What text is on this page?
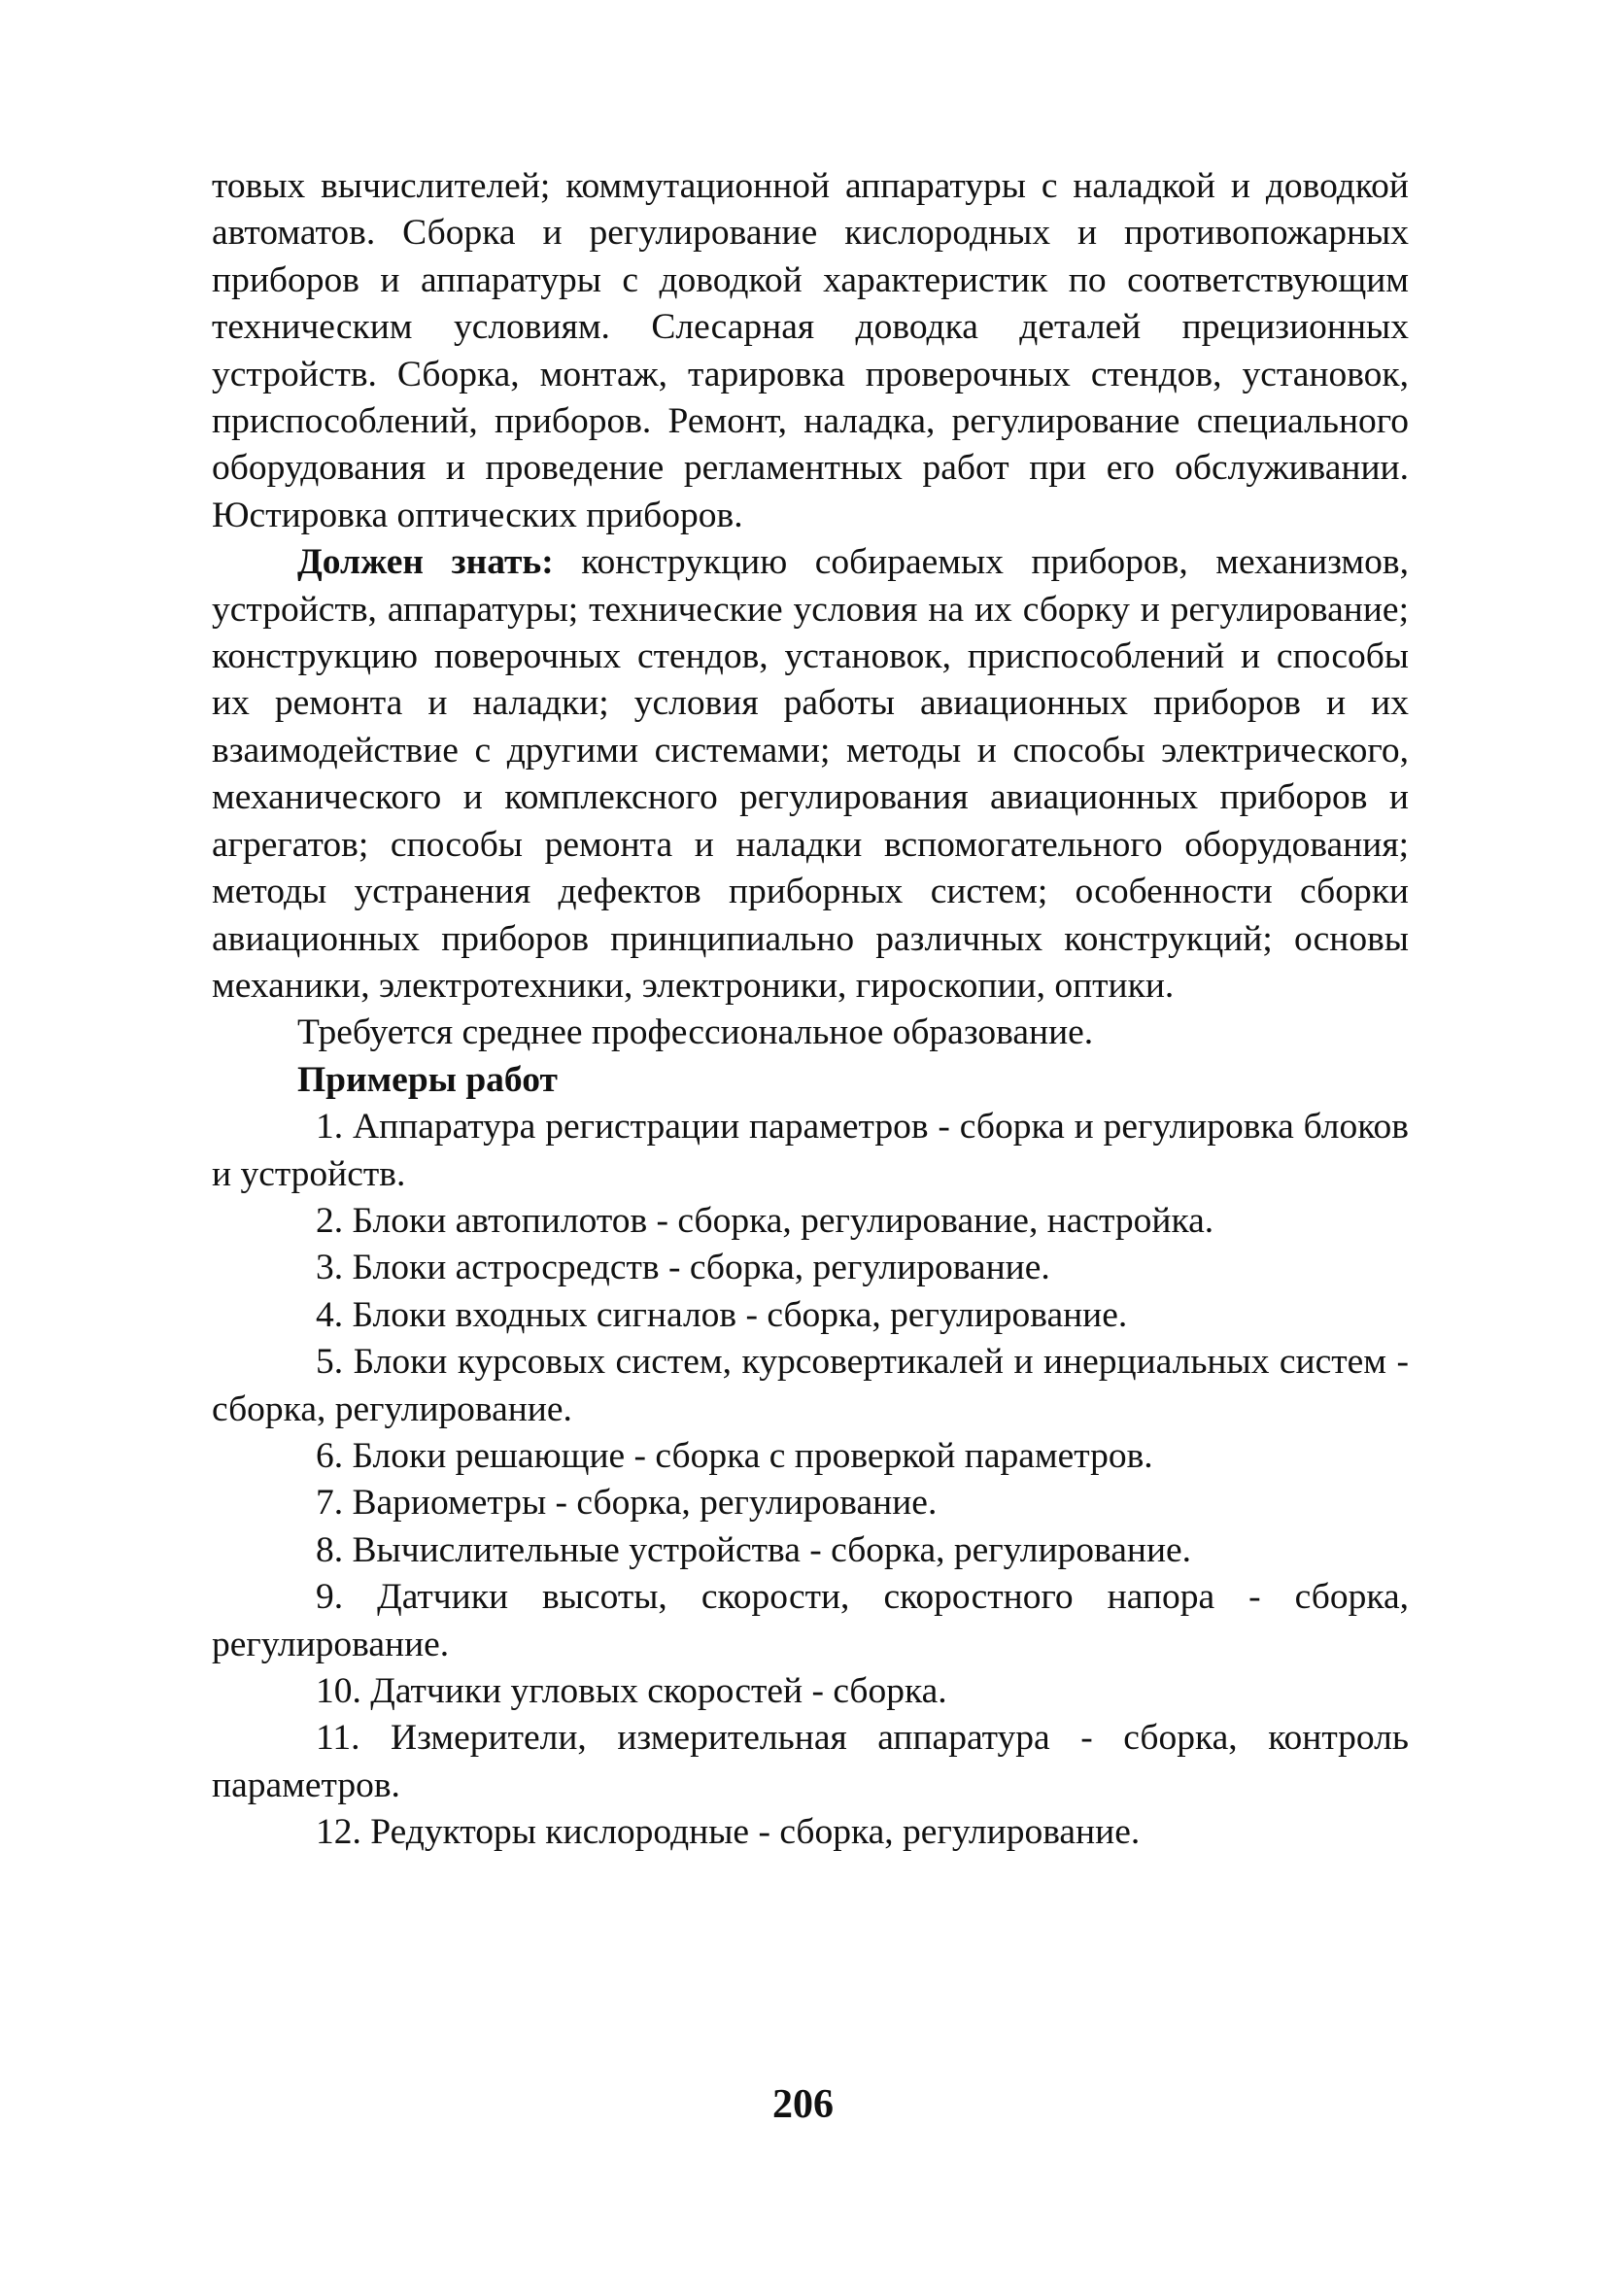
товых вычислителей; коммутационной аппаратуры с наладкой и доводкой автоматов. Сборка и регулирование кислородных и противопожарных приборов и аппаратуры с доводкой характеристик по соответствующим техническим условиям. Слесарная доводка деталей прецизионных устройств. Сборка, монтаж, тарировка проверочных стендов, установок, приспособлений, приборов. Ремонт, наладка, регулирование специального оборудования и проведение регламентных работ при его обслуживании. Юстировка оптических приборов.

Должен знать: конструкцию собираемых приборов, механизмов, устройств, аппаратуры; технические условия на их сборку и регулирование; конструкцию поверочных стендов, установок, приспособлений и способы их ремонта и наладки; условия работы авиационных приборов и их взаимодействие с другими системами; методы и способы электрического, механического и комплексного регулирования авиационных приборов и агрегатов; способы ремонта и наладки вспомогательного оборудования; методы устранения дефектов приборных систем; особенности сборки авиационных приборов принципиально различных конструкций; основы механики, электротехники, электроники, гироскопии, оптики.

Требуется среднее профессиональное образование.

Примеры работ

1. Аппаратура регистрации параметров - сборка и регулировка блоков и устройств.

2. Блоки автопилотов - сборка, регулирование, настройка.

3. Блоки астросредств - сборка, регулирование.

4. Блоки входных сигналов - сборка, регулирование.

5. Блоки курсовых систем, курсовертикалей и инерциальных систем - сборка, регулирование.

6. Блоки решающие - сборка с проверкой параметров.

7. Вариометры - сборка, регулирование.

8. Вычислительные устройства - сборка, регулирование.

9. Датчики высоты, скорости, скоростного напора - сборка, регулирование.

10. Датчики угловых скоростей - сборка.

11. Измерители, измерительная аппаратура - сборка, контроль параметров.

12. Редукторы кислородные - сборка, регулирование.

206
